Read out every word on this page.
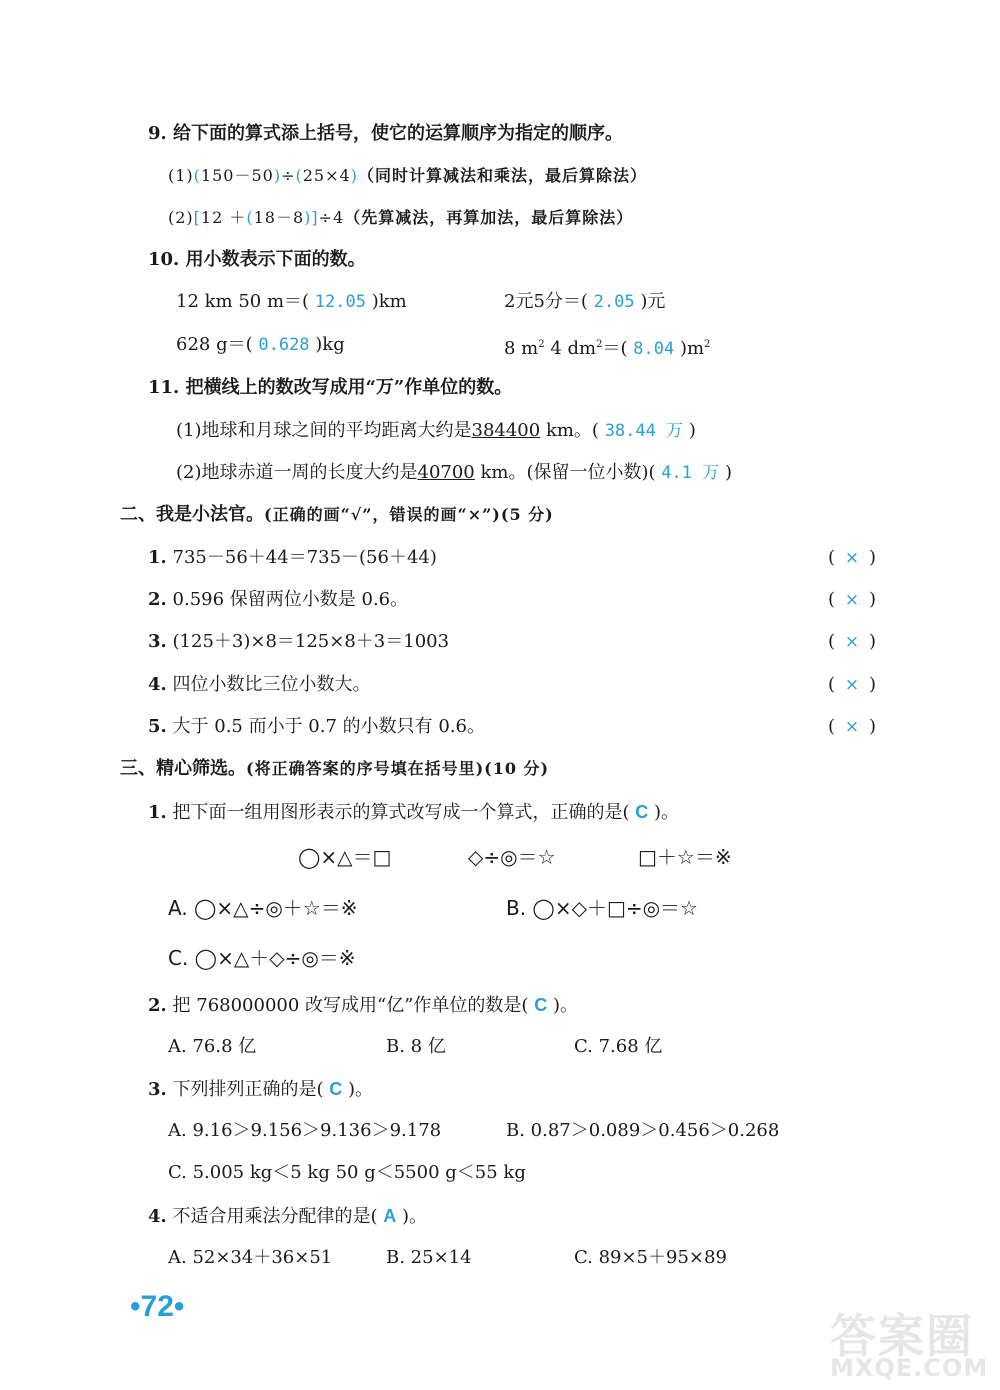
9. 给下面的算式添上括号，使它的运算顺序为指定的顺序。
(1)(150－50)÷(25×4)（同时计算减法和乘法，最后算除法）
(2)[12 ＋(18－8)]÷4（先算减法，再算加法，最后算除法）
10. 用小数表示下面的数。
12 km 50 m＝( 12.05 )km	2元5分＝( 2.05 )元
628 g＝( 0.628 )kg	8 $m^2$ 4 $dm^2=$( 8.04 )$m^2$
11. 把横线上的数改写成用“万”作单位的数。
(1)地球和月球之间的平均距离大约是384400 km。( 38.44 万 )
(2)地球赤道一周的长度大约是40700 km。(保留一位小数)( 4.1 万 )
二、我是小法官。(正确的画“√”，错误的画“×”)(5 分)
1. 735－56＋44＝735－(56＋44)	( × )
2. 0.596 保留两位小数是 0.6。	( × )
3. (125＋3)×8＝125×8＋3＝1003	( × )
4. 四位小数比三位小数大。	( × )
5. 大于 0.5 而小于 0.7 的小数只有 0.6。	( × )
三、精心筛选。(将正确答案的序号填在括号里)(10 分)
1. 把下面一组用图形表示的算式改写成一个算式，正确的是( C )。
◯×△＝□	◇÷◎＝☆	□＋☆＝※
A. ◯×△÷◎＋☆＝※	B. ◯×◇＋□÷◎＝☆
C. ◯×△＋◇÷◎＝※
2. 把 768000000 改写成用“亿”作单位的数是( C )。
A. 76.8 亿	B. 8 亿	C. 7.68 亿
3. 下列排列正确的是( C )。
A. 9.16＞9.156＞9.136＞9.178	B. 0.87＞0.089＞0.456＞0.268
C. 5.005 kg＜5 kg 50 g＜5500 g＜55 kg
4. 不适合用乘法分配律的是( A )。
A. 52×34＋36×51	B. 25×14	C. 89×5＋95×89
•72•
答案圈
MXQE.COM
